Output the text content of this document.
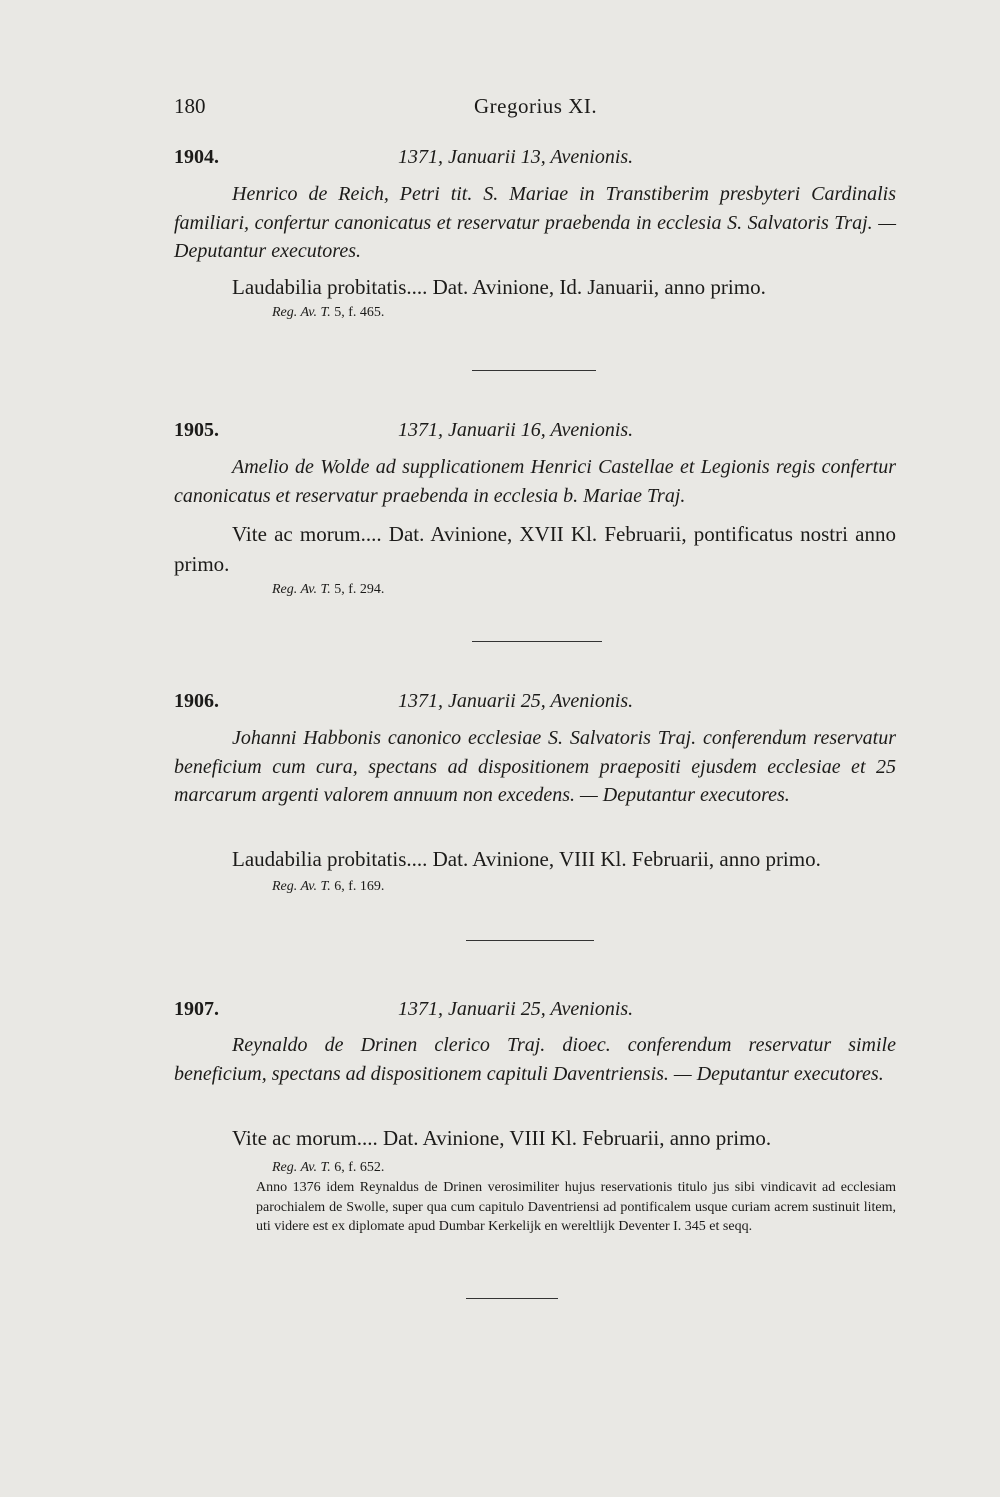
180	Gregorius XI.
1904.	1371, Januarii 13, Avenionis.

Henrico de Reich, Petri tit. S. Mariae in Transtiberim presbyteri Cardinalis familiari, confertur canonicatus et reservatur praebenda in ecclesia S. Salvatoris Traj. — Deputantur executores.

Laudabilia probitatis.... Dat. Avinione, Id. Januarii, anno primo.

Reg. Av. T. 5, f. 465.
1905.	1371, Januarii 16, Avenionis.

Amelio de Wolde ad supplicationem Henrici Castellae et Legionis regis confertur canonicatus et reservatur praebenda in ecclesia b. Mariae Traj.

Vite ac morum.... Dat. Avinione, XVII Kl. Februarii, pontificatus nostri anno primo.

Reg. Av. T. 5, f. 294.
1906.	1371, Januarii 25, Avenionis.

Johanni Habbonis canonico ecclesiae S. Salvatoris Traj. conferendum reservatur beneficium cum cura, spectans ad dispositionem praepositi ejusdem ecclesiae et 25 marcarum argenti valorem annuum non excedens. — Deputantur executores.

Laudabilia probitatis.... Dat. Avinione, VIII Kl. Februarii, anno primo.

Reg. Av. T. 6, f. 169.
1907.	1371, Januarii 25, Avenionis.

Reynaldo de Drinen clerico Traj. dioec. conferendum reservatur simile beneficium, spectans ad dispositionem capituli Daventriensis. — Deputantur executores.

Vite ac morum.... Dat. Avinione, VIII Kl. Februarii, anno primo.

Reg. Av. T. 6, f. 652.

Anno 1376 idem Reynaldus de Drinen verosimiliter hujus reservationis titulo jus sibi vindicavit ad ecclesiam parochialem de Swolle, super qua cum capitulo Daventriensi ad pontificalem usque curiam acrem sustinuit litem, uti videre est ex diplomate apud Dumbar Kerkelijk en wereltlijk Deventer I. 345 et seqq.
